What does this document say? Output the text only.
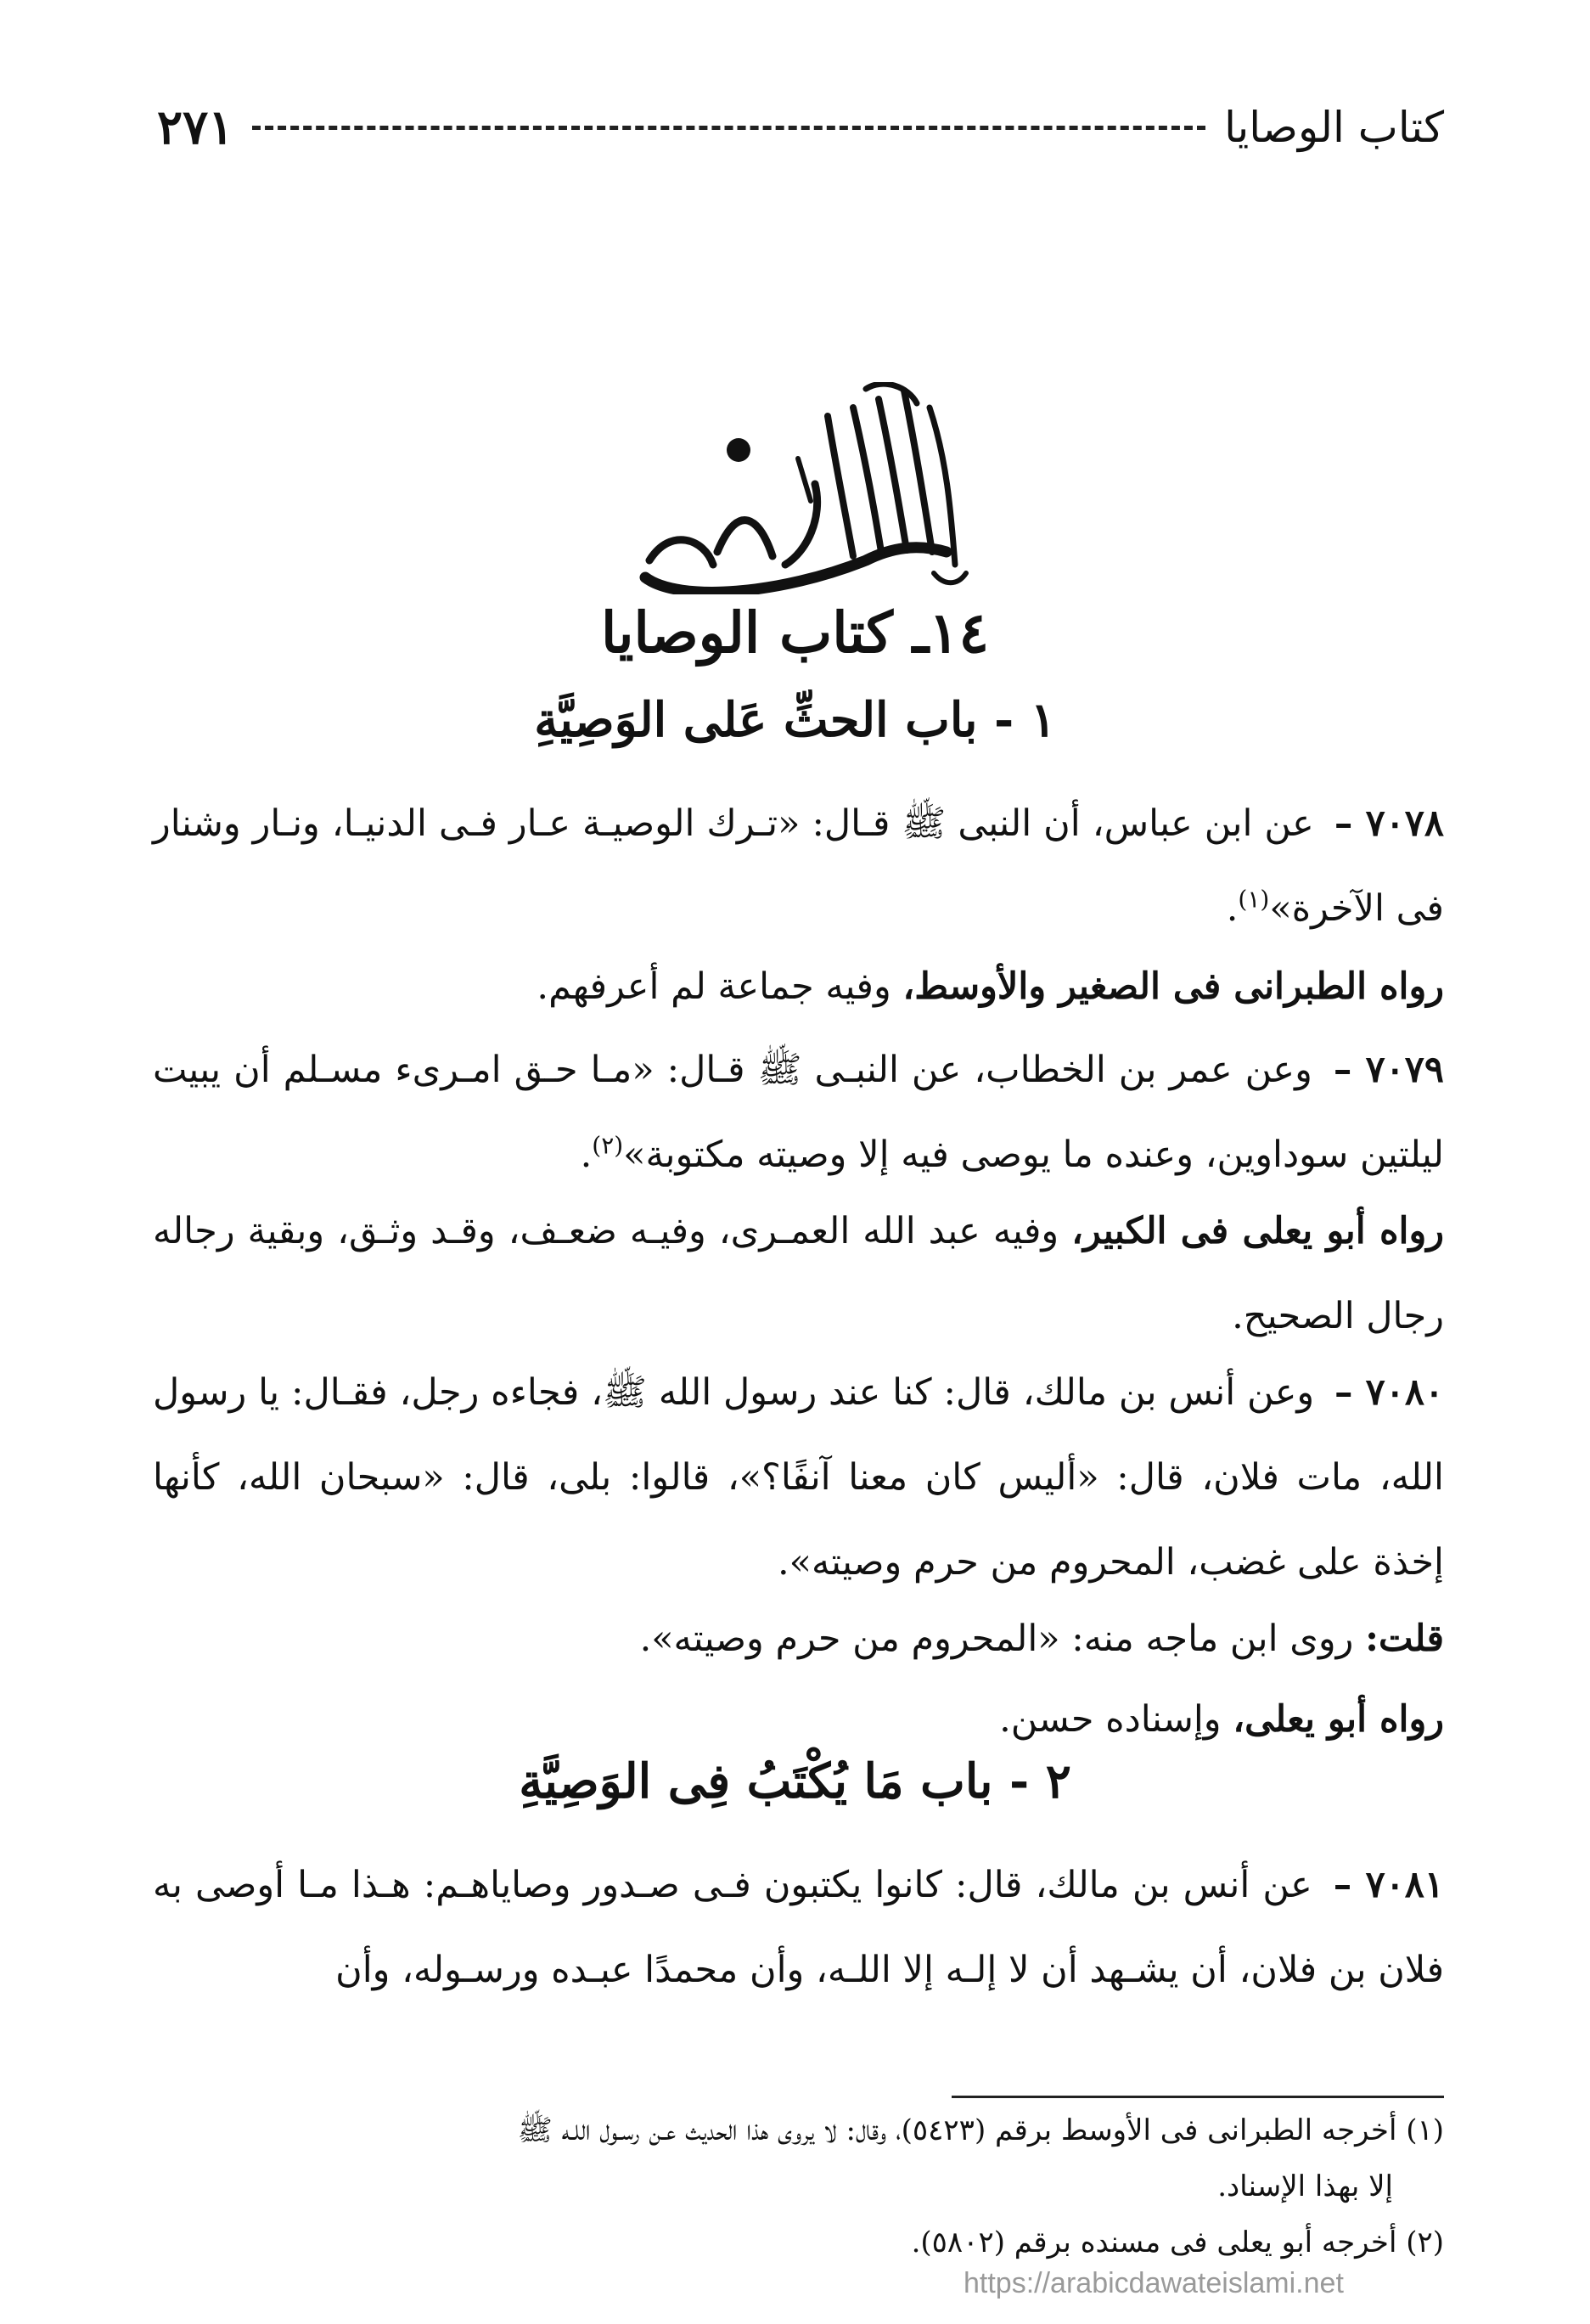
كتاب الوصايا
٢٧١
١٤ـ كتاب الوصايا
١ - باب الحثِّ عَلى الوَصِيَّةِ

٧٠٧٨ – عن ابن عباس، أن النبى ﷺ قـال: «تـرك الوصيـة عـار فـى الدنيـا، ونـار وشنار فى الآخرة»$^{(١)}$.

رواه الطبرانى فى الصغير والأوسط، وفيه جماعة لم أعرفهم.

٧٠٧٩ – وعن عمر بن الخطاب، عن النبـى ﷺ قـال: «مـا حـق امـرىء مسـلم أن يبيت ليلتين سوداوين، وعنده ما يوصى فيه إلا وصيته مكتوبة»$^{(٢)}$.

رواه أبو يعلى فى الكبير، وفيه عبد الله العمـرى، وفيـه ضعـف، وقـد وثـق، وبقية رجاله رجال الصحيح.

٧٠٨٠ – وعن أنس بن مالك، قال: كنا عند رسول الله ﷺ، فجاءه رجل، فقـال: يا رسول الله، مات فلان، قال: «أليس كان معنا آنفًا؟»، قالوا: بلى، قال: «سبحان الله، كأنها إخذة على غضب، المحروم من حرم وصيته».

قلت: روى ابن ماجه منه: «المحروم من حرم وصيته».

رواه أبو يعلى، وإسناده حسن.

٢ - باب مَا يُكْتَبُ فِى الوَصِيَّةِ

٧٠٨١ – عن أنس بن مالك، قال: كانوا يكتبون فـى صـدور وصاياهـم: هـذا مـا أوصى به فلان بن فلان، أن يشـهد أن لا إلـه إلا اللـه، وأن محمدًا عبـده ورسـوله، وأن

(١) أخرجه الطبرانى فى الأوسط برقم (٥٤٢٣)، وقال: لا يروى هذا الحديث عـن رسـول اللـه ﷺ

إلا بهذا الإسناد.

(٢) أخرجه أبو يعلى فى مسنده برقم (٥٨٠٢).

https://arabicdawateislami.net
